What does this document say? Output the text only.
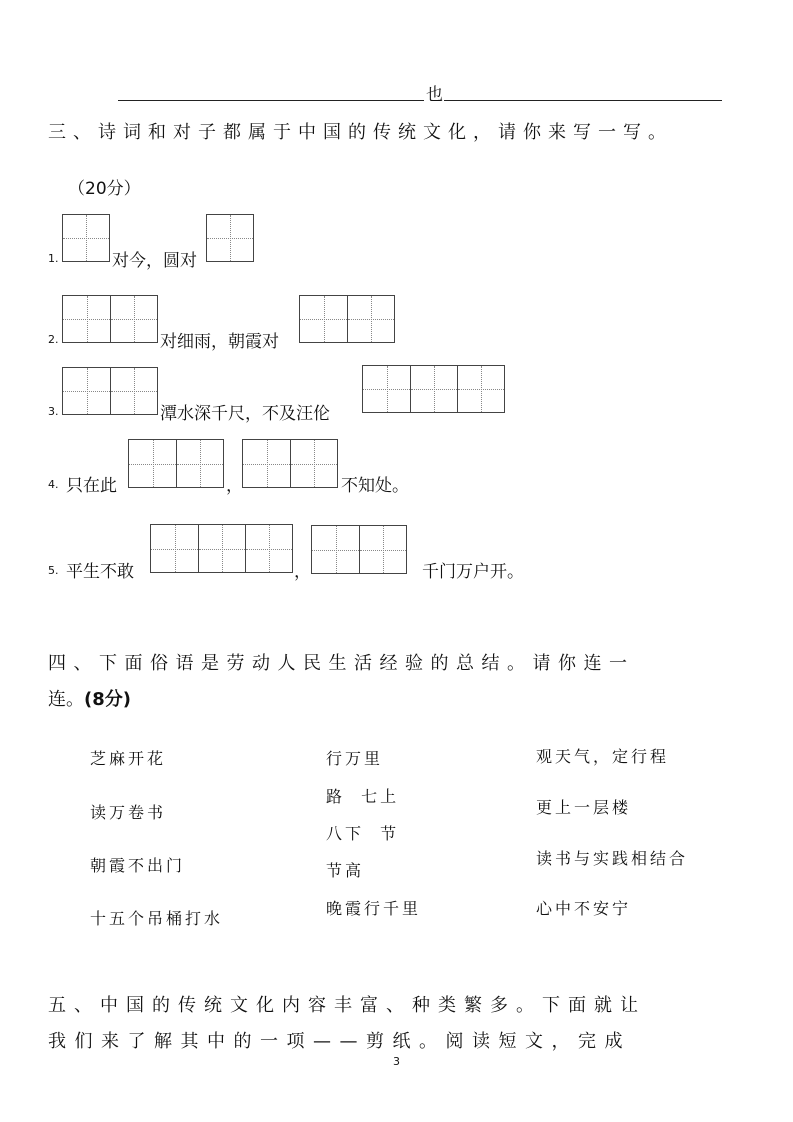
也
三、诗词和对子都属于中国的传统文化，请你来写一写。
（20分）
1.	对今，圆对
2.	对细雨，朝霞对
3.	潭水深千尺，不及汪伦
4. 只在此	，	不知处。
5. 平生不敢	，	千门万户开。
四、下面俗语是劳动人民生活经验的总结。请你连一
连。(8分)
芝麻开花
读万卷书
朝霞不出门
十五个吊桶打水
行万里
路  七上
八下  节
节高
晚霞行千里
观天气，定行程
更上一层楼
读书与实践相结合
心中不安宁
五、中国的传统文化内容丰富、种类繁多。下面就让
我们来了解其中的一项——剪纸。阅读短文，完成
3
